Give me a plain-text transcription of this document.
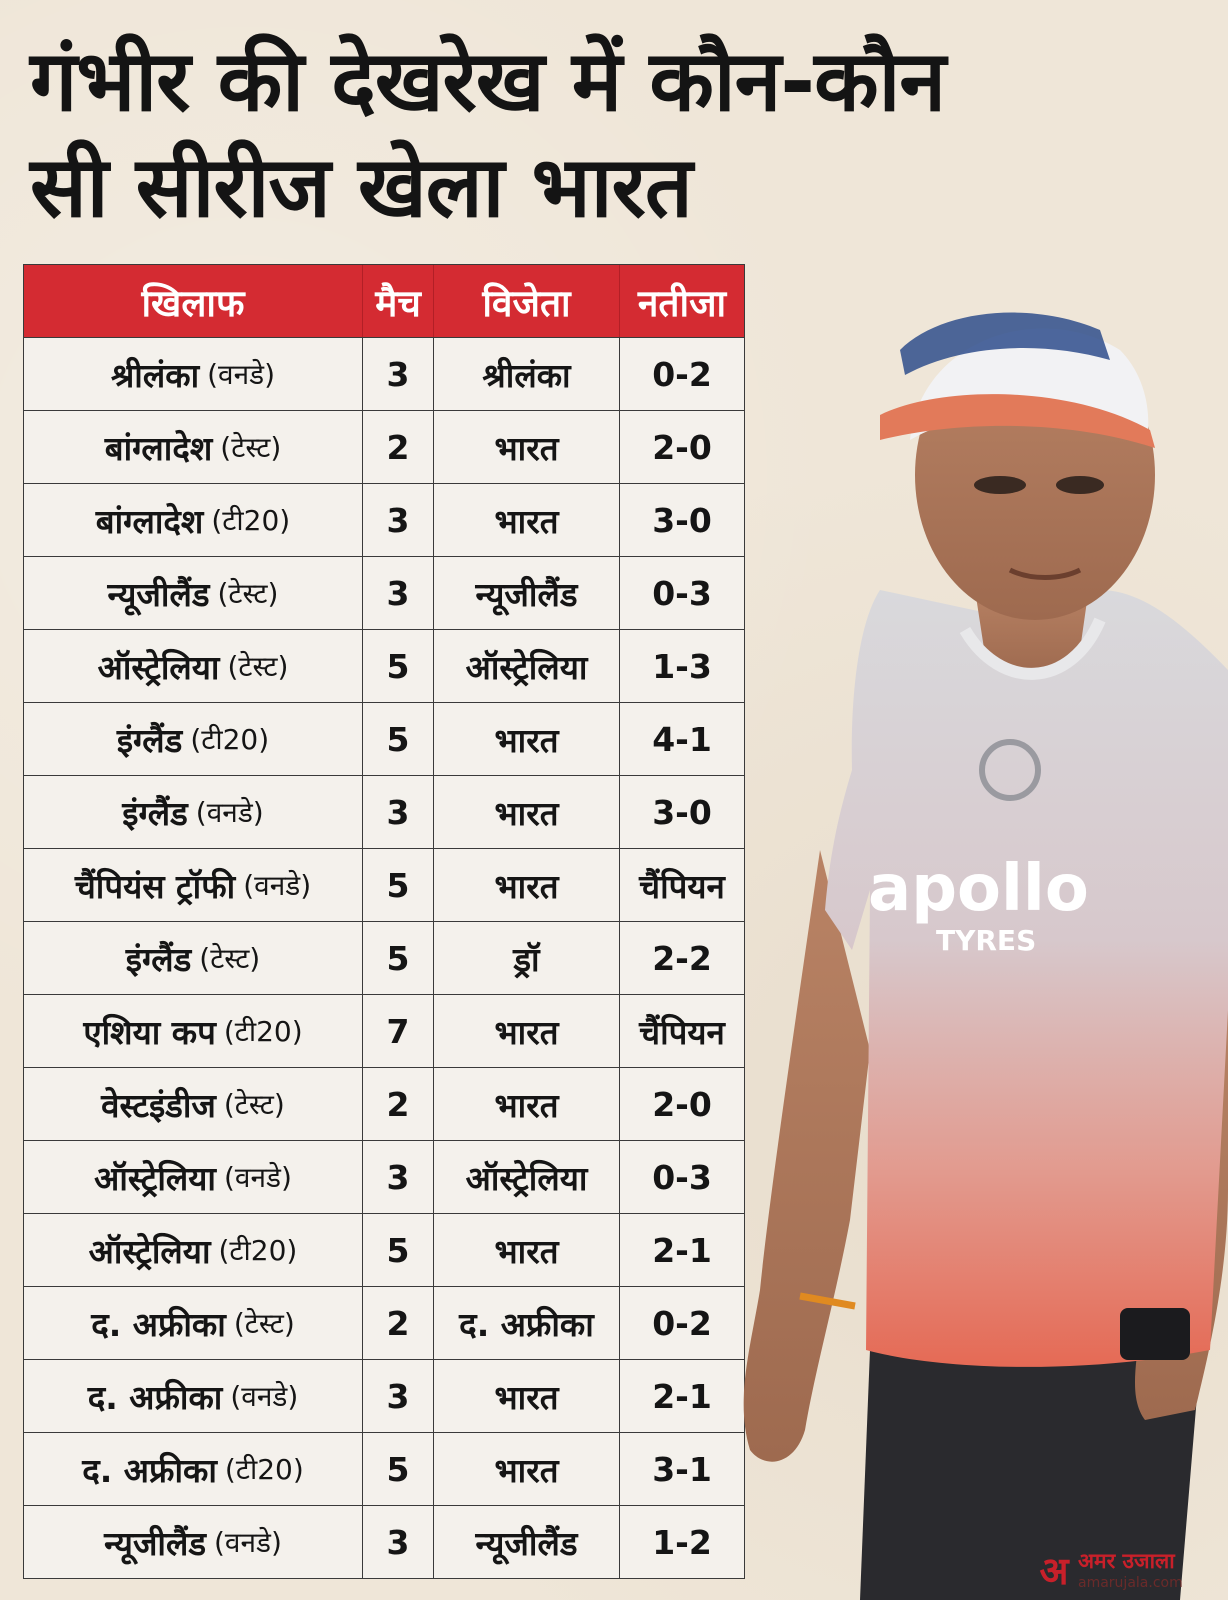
गंभीर की देखरेख में कौन-कौन
सी सीरीज खेला भारत
खिलाफ	मैच	विजेता	नतीजा
श्रीलंका (वनडे)	3	श्रीलंका	0-2
बांग्लादेश (टेस्ट)	2	भारत	2-0
बांग्लादेश (टी20)	3	भारत	3-0
न्यूजीलैंड (टेस्ट)	3	न्यूजीलैंड	0-3
ऑस्ट्रेलिया (टेस्ट)	5	ऑस्ट्रेलिया	1-3
इंग्लैंड (टी20)	5	भारत	4-1
इंग्लैंड (वनडे)	3	भारत	3-0
चैंपियंस ट्रॉफी (वनडे)	5	भारत	चैंपियन
इंग्लैंड (टेस्ट)	5	ड्रॉ	2-2
एशिया कप (टी20)	7	भारत	चैंपियन
वेस्टइंडीज (टेस्ट)	2	भारत	2-0
ऑस्ट्रेलिया (वनडे)	3	ऑस्ट्रेलिया	0-3
ऑस्ट्रेलिया (टी20)	5	भारत	2-1
द. अफ्रीका (टेस्ट)	2	द. अफ्रीका	0-2
द. अफ्रीका (वनडे)	3	भारत	2-1
द. अफ्रीका (टी20)	5	भारत	3-1
न्यूजीलैंड (वनडे)	3	न्यूजीलैंड	1-2
apollo
TYRES
अ अमर उजाला
amarujala.com
